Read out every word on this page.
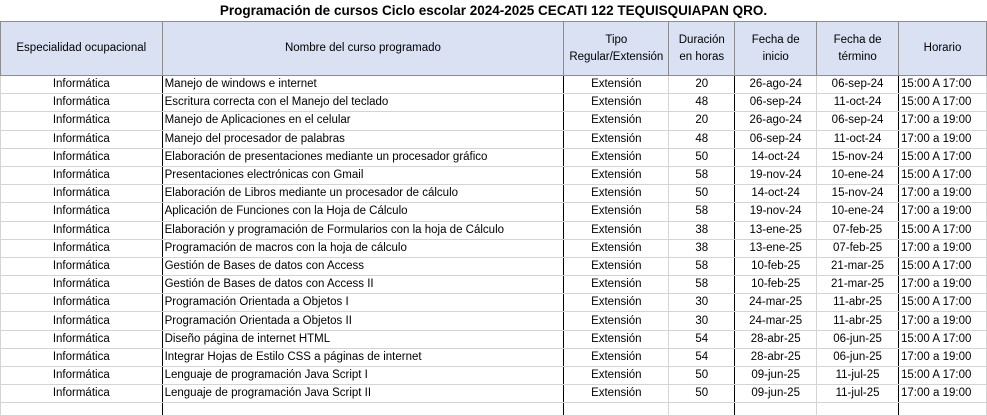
Programación de cursos Ciclo escolar 2024-2025 CECATI 122 TEQUISQUIAPAN QRO.
Especialidad ocupacional	Nombre del curso programado	Tipo Regular/Extensión	Duración en horas	Fecha de inicio	Fecha de término	Horario
Informática	Manejo de windows e internet	Extensión	20	26-ago-24	06-sep-24	15:00 A 17:00
Informática	Escritura correcta con el Manejo del teclado	Extensión	48	06-sep-24	11-oct-24	15:00 A 17:00
Informática	Manejo de Aplicaciones en el celular	Extensión	20	26-ago-24	06-sep-24	17:00 a 19:00
Informática	Manejo del procesador de palabras	Extensión	48	06-sep-24	11-oct-24	17:00 a 19:00
Informática	Elaboración de presentaciones mediante un procesador gráfico	Extensión	50	14-oct-24	15-nov-24	15:00 A 17:00
Informática	Presentaciones electrónicas con Gmail	Extensión	58	19-nov-24	10-ene-24	15:00 A 17:00
Informática	Elaboración de Libros mediante un procesador de cálculo	Extensión	50	14-oct-24	15-nov-24	17:00 a 19:00
Informática	Aplicación de Funciones con la Hoja de Cálculo	Extensión	58	19-nov-24	10-ene-24	17:00 a 19:00
Informática	Elaboración y programación de Formularios con la hoja de Cálculo	Extensión	38	13-ene-25	07-feb-25	15:00 A 17:00
Informática	Programación de macros con la hoja de cálculo	Extensión	38	13-ene-25	07-feb-25	17:00 a 19:00
Informática	Gestión de Bases de datos con Access	Extensión	58	10-feb-25	21-mar-25	15:00 A 17:00
Informática	Gestión de Bases de datos con Access II	Extensión	58	10-feb-25	21-mar-25	17:00 a 19:00
Informática	Programación Orientada a Objetos I	Extensión	30	24-mar-25	11-abr-25	15:00 A 17:00
Informática	Programación Orientada a Objetos II	Extensión	30	24-mar-25	11-abr-25	17:00 a 19:00
Informática	Diseño página de internet HTML	Extensión	54	28-abr-25	06-jun-25	15:00 A 17:00
Informática	Integrar Hojas de Estilo CSS a páginas de internet	Extensión	54	28-abr-25	06-jun-25	17:00 a 19:00
Informática	Lenguaje de programación Java Script I	Extensión	50	09-jun-25	11-jul-25	15:00 A 17:00
Informática	Lenguaje de programación Java Script II	Extensión	50	09-jun-25	11-jul-25	17:00 a 19:00
